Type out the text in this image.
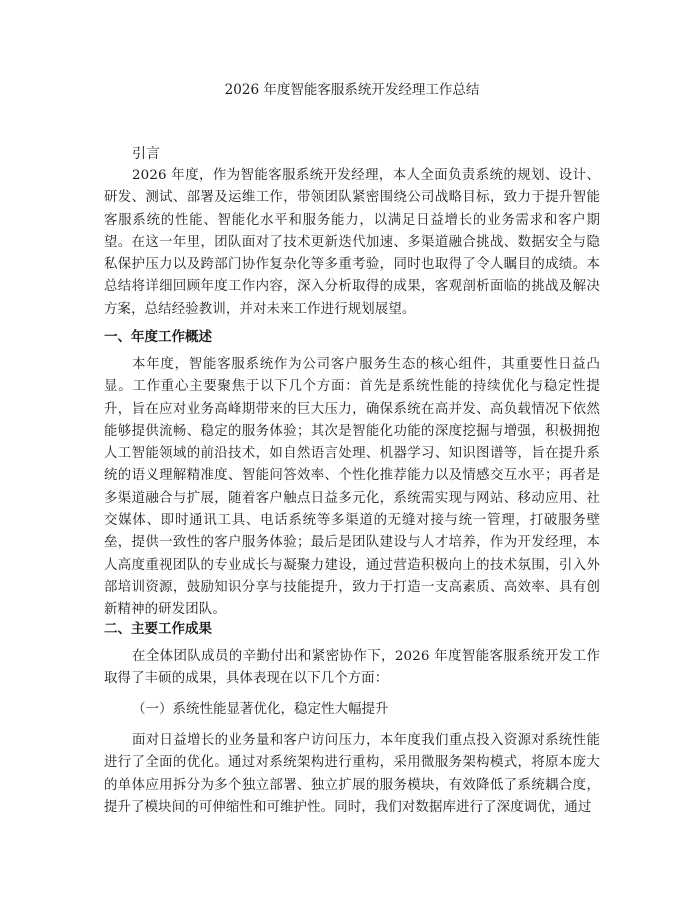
2026 年度智能客服系统开发经理工作总结
引言

2026 年度，作为智能客服系统开发经理，本人全面负责系统的规划、设计、研发、测试、部署及运维工作，带领团队紧密围绕公司战略目标，致力于提升智能客服系统的性能、智能化水平和服务能力，以满足日益增长的业务需求和客户期望。在这一年里，团队面对了技术更新迭代加速、多渠道融合挑战、数据安全与隐私保护压力以及跨部门协作复杂化等多重考验，同时也取得了令人瞩目的成绩。本总结将详细回顾年度工作内容，深入分析取得的成果，客观剖析面临的挑战及解决方案，总结经验教训，并对未来工作进行规划展望。

一、年度工作概述

本年度，智能客服系统作为公司客户服务生态的核心组件，其重要性日益凸显。工作重心主要聚焦于以下几个方面：首先是系统性能的持续优化与稳定性提升，旨在应对业务高峰期带来的巨大压力，确保系统在高并发、高负载情况下依然能够提供流畅、稳定的服务体验；其次是智能化功能的深度挖掘与增强，积极拥抱人工智能领域的前沿技术，如自然语言处理、机器学习、知识图谱等，旨在提升系统的语义理解精准度、智能问答效率、个性化推荐能力以及情感交互水平；再者是多渠道融合与扩展，随着客户触点日益多元化，系统需实现与网站、移动应用、社交媒体、即时通讯工具、电话系统等多渠道的无缝对接与统一管理，打破服务壁垒，提供一致性的客户服务体验；最后是团队建设与人才培养，作为开发经理，本人高度重视团队的专业成长与凝聚力建设，通过营造积极向上的技术氛围，引入外部培训资源，鼓励知识分享与技能提升，致力于打造一支高素质、高效率、具有创新精神的研发团队。

二、主要工作成果

在全体团队成员的辛勤付出和紧密协作下，2026 年度智能客服系统开发工作取得了丰硕的成果，具体表现在以下几个方面：

（一）系统性能显著优化，稳定性大幅提升

面对日益增长的业务量和客户访问压力，本年度我们重点投入资源对系统性能进行了全面的优化。通过对系统架构进行重构，采用微服务架构模式，将原本庞大的单体应用拆分为多个独立部署、独立扩展的服务模块，有效降低了系统耦合度，提升了模块间的可伸缩性和可维护性。同时，我们对数据库进行了深度调优，通过
